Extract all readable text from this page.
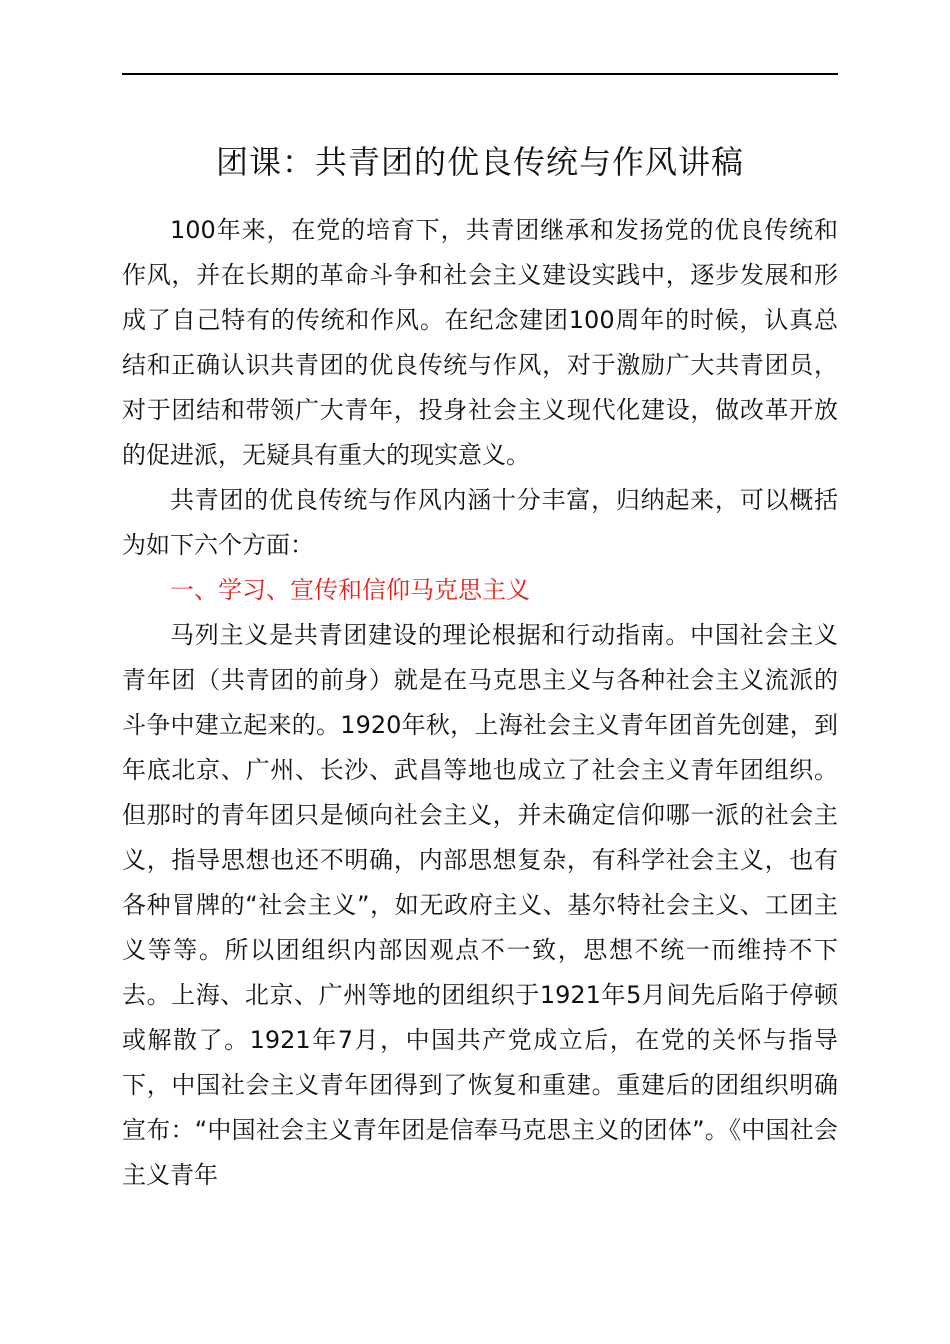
团课：共青团的优良传统与作风讲稿

100年来，在党的培育下，共青团继承和发扬党的优良传统和作风，并在长期的革命斗争和社会主义建设实践中，逐步发展和形成了自己特有的传统和作风。在纪念建团100周年的时候，认真总结和正确认识共青团的优良传统与作风，对于激励广大共青团员，对于团结和带领广大青年，投身社会主义现代化建设，做改革开放的促进派，无疑具有重大的现实意义。

共青团的优良传统与作风内涵十分丰富，归纳起来，可以概括为如下六个方面：

一、学习、宣传和信仰马克思主义

马列主义是共青团建设的理论根据和行动指南。中国社会主义青年团（共青团的前身）就是在马克思主义与各种社会主义流派的斗争中建立起来的。1920年秋，上海社会主义青年团首先创建，到年底北京、广州、长沙、武昌等地也成立了社会主义青年团组织。但那时的青年团只是倾向社会主义，并未确定信仰哪一派的社会主义，指导思想也还不明确，内部思想复杂，有科学社会主义，也有各种冒牌的“社会主义”，如无政府主义、基尔特社会主义、工团主义等等。所以团组织内部因观点不一致，思想不统一而维持不下去。上海、北京、广州等地的团组织于1921年5月间先后陷于停顿或解散了。1921年7月，中国共产党成立后，在党的关怀与指导下，中国社会主义青年团得到了恢复和重建。重建后的团组织明确宣布：“中国社会主义青年团是信奉马克思主义的团体”。《中国社会主义青年
